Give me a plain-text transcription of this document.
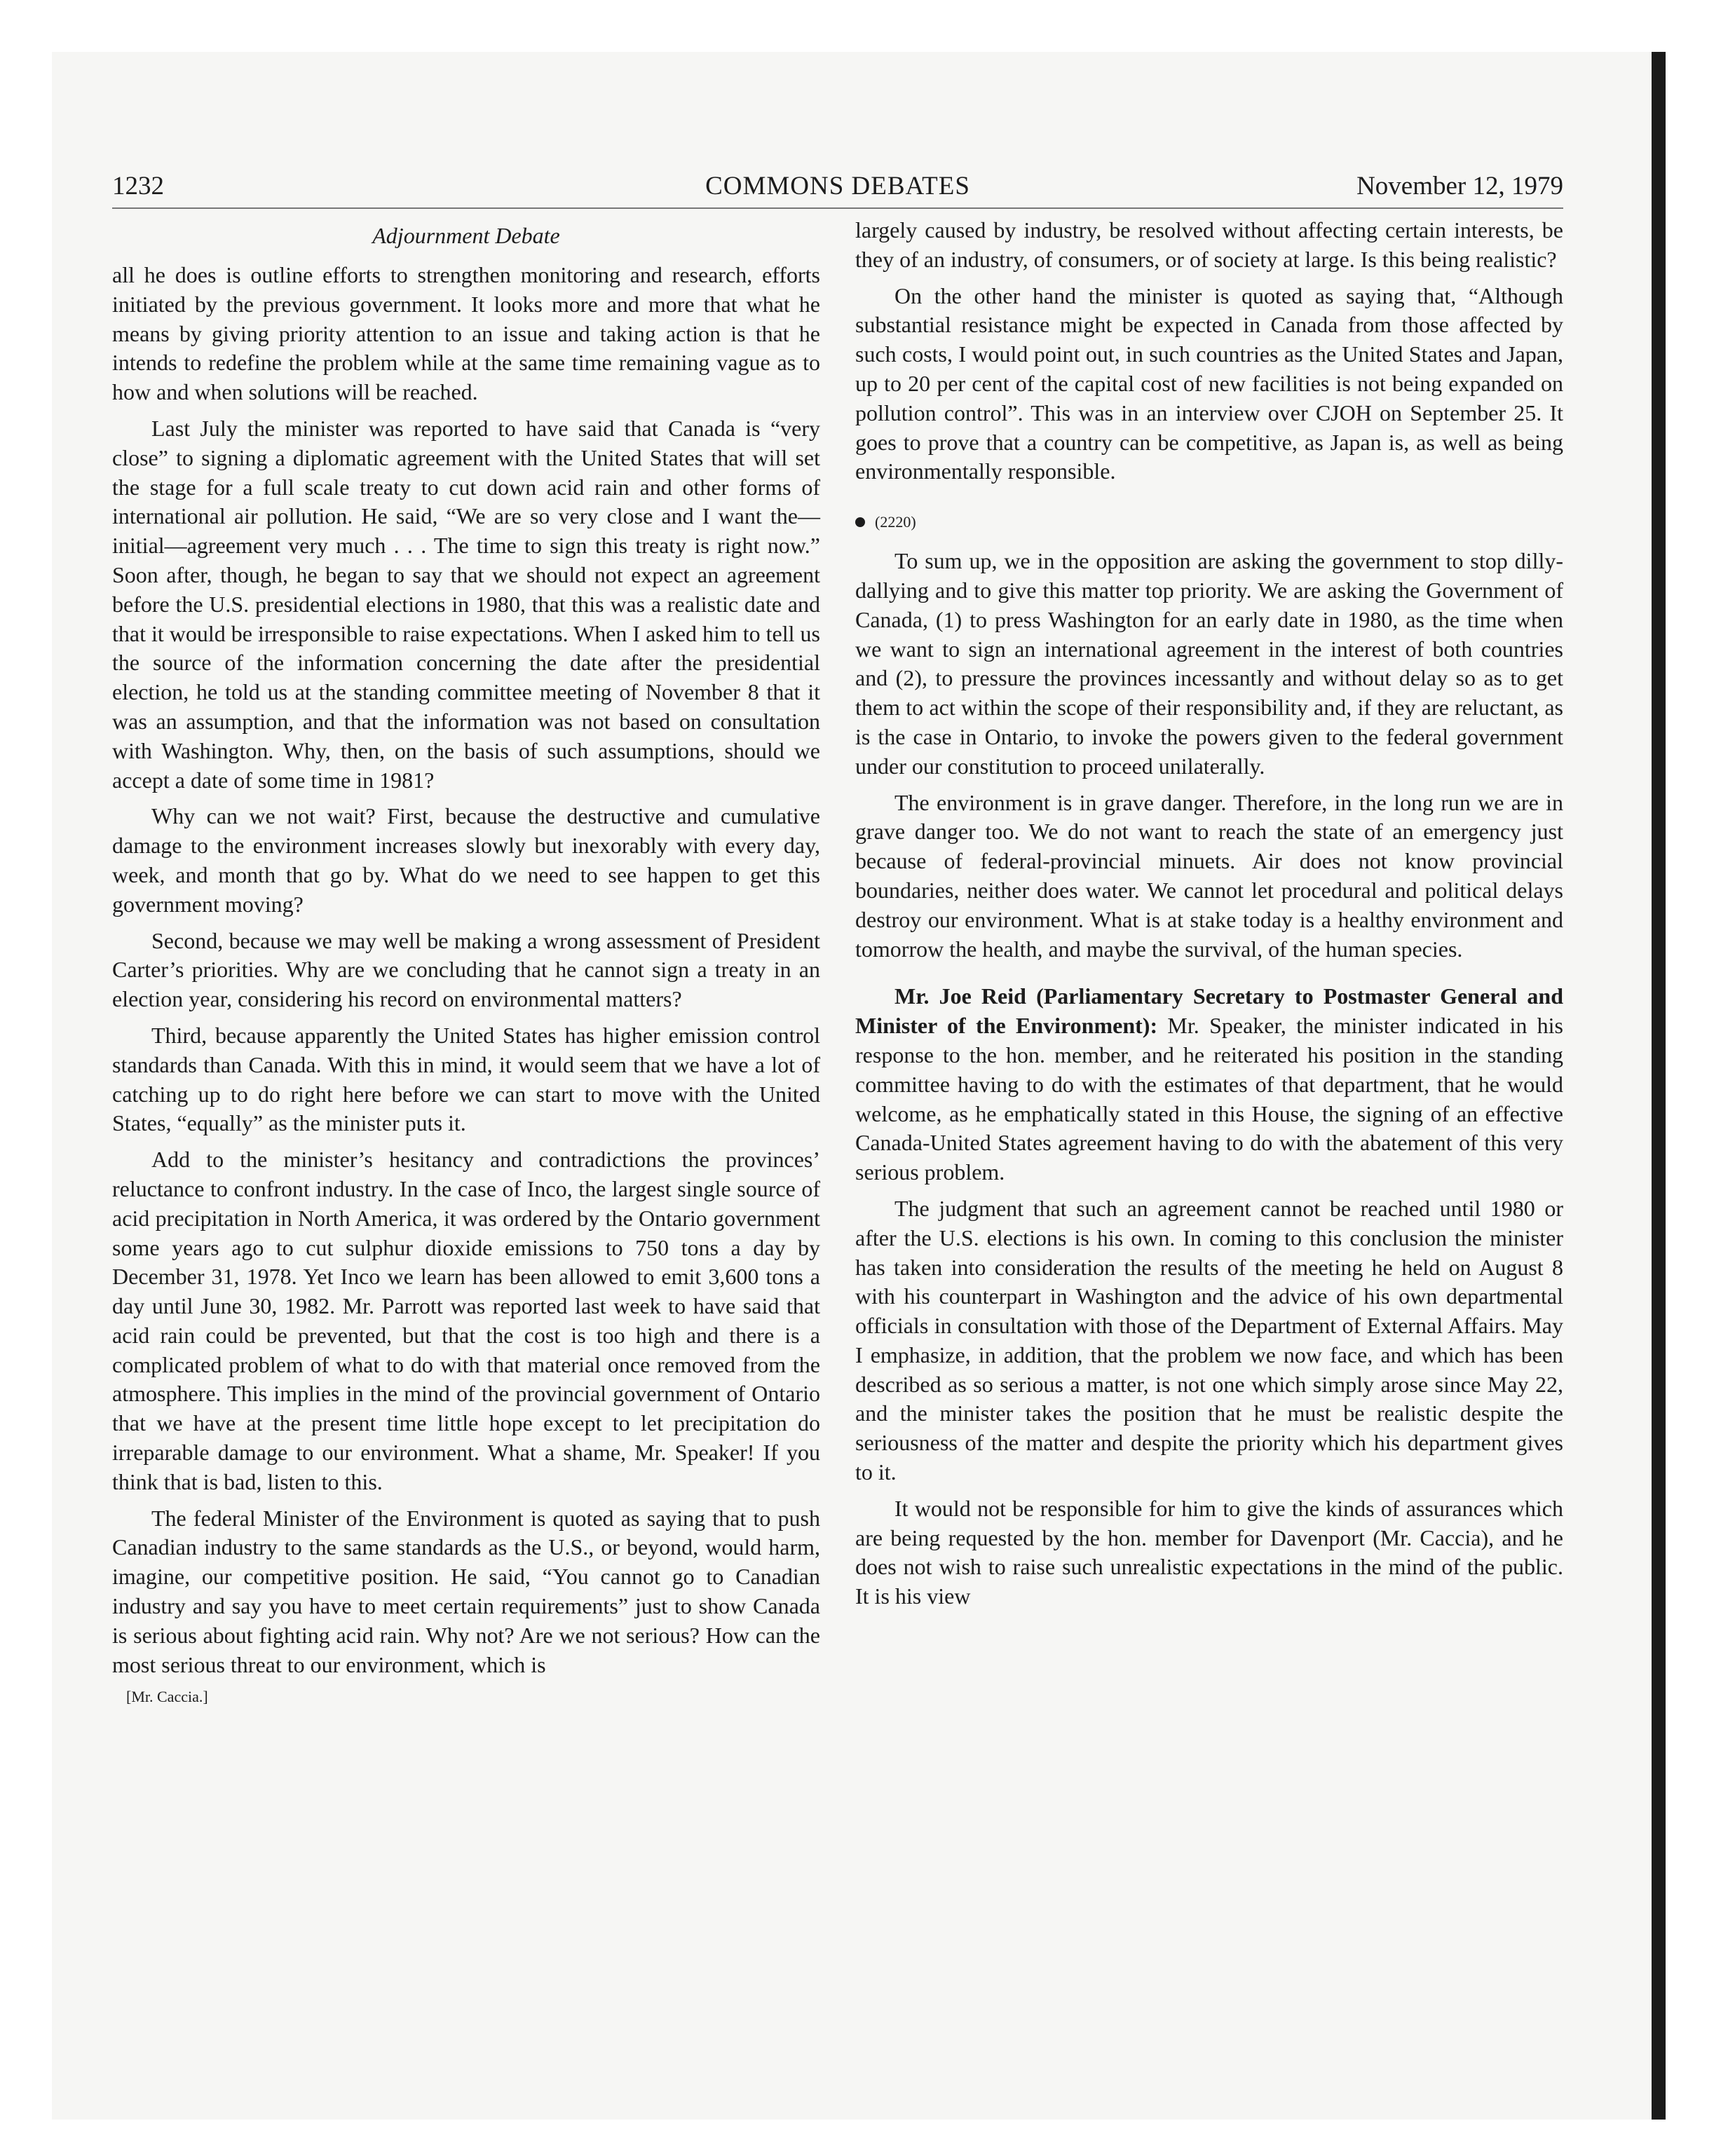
1232	COMMONS DEBATES	November 12, 1979
Adjournment Debate

all he does is outline efforts to strengthen monitoring and research, efforts initiated by the previous government. It looks more and more that what he means by giving priority attention to an issue and taking action is that he intends to redefine the problem while at the same time remaining vague as to how and when solutions will be reached.

Last July the minister was reported to have said that Canada is “very close” to signing a diplomatic agreement with the United States that will set the stage for a full scale treaty to cut down acid rain and other forms of international air pollution. He said, “We are so very close and I want the—initial—agreement very much . . . The time to sign this treaty is right now.” Soon after, though, he began to say that we should not expect an agreement before the U.S. presidential elections in 1980, that this was a realistic date and that it would be irresponsible to raise expectations. When I asked him to tell us the source of the information concerning the date after the presidential election, he told us at the standing committee meeting of November 8 that it was an assumption, and that the information was not based on consultation with Washington. Why, then, on the basis of such assumptions, should we accept a date of some time in 1981?

Why can we not wait? First, because the destructive and cumulative damage to the environment increases slowly but inexorably with every day, week, and month that go by. What do we need to see happen to get this government moving?

Second, because we may well be making a wrong assessment of President Carter’s priorities. Why are we concluding that he cannot sign a treaty in an election year, considering his record on environmental matters?

Third, because apparently the United States has higher emission control standards than Canada. With this in mind, it would seem that we have a lot of catching up to do right here before we can start to move with the United States, “equally” as the minister puts it.

Add to the minister’s hesitancy and contradictions the provinces’ reluctance to confront industry. In the case of Inco, the largest single source of acid precipitation in North America, it was ordered by the Ontario government some years ago to cut sulphur dioxide emissions to 750 tons a day by December 31, 1978. Yet Inco we learn has been allowed to emit 3,600 tons a day until June 30, 1982. Mr. Parrott was reported last week to have said that acid rain could be prevented, but that the cost is too high and there is a complicated problem of what to do with that material once removed from the atmosphere. This implies in the mind of the provincial government of Ontario that we have at the present time little hope except to let precipitation do irreparable damage to our environment. What a shame, Mr. Speaker! If you think that is bad, listen to this.

The federal Minister of the Environment is quoted as saying that to push Canadian industry to the same standards as the U.S., or beyond, would harm, imagine, our competitive position. He said, “You cannot go to Canadian industry and say you have to meet certain requirements” just to show Canada is serious about fighting acid rain. Why not? Are we not serious? How can the most serious threat to our environment, which is

[Mr. Caccia.]

largely caused by industry, be resolved without affecting certain interests, be they of an industry, of consumers, or of society at large. Is this being realistic?

On the other hand the minister is quoted as saying that, “Although substantial resistance might be expected in Canada from those affected by such costs, I would point out, in such countries as the United States and Japan, up to 20 per cent of the capital cost of new facilities is not being expanded on pollution control”. This was in an interview over CJOH on September 25. It goes to prove that a country can be competitive, as Japan is, as well as being environmentally responsible.

(2220)

To sum up, we in the opposition are asking the government to stop dilly-dallying and to give this matter top priority. We are asking the Government of Canada, (1) to press Washington for an early date in 1980, as the time when we want to sign an international agreement in the interest of both countries and (2), to pressure the provinces incessantly and without delay so as to get them to act within the scope of their responsibility and, if they are reluctant, as is the case in Ontario, to invoke the powers given to the federal government under our constitution to proceed unilaterally.

The environment is in grave danger. Therefore, in the long run we are in grave danger too. We do not want to reach the state of an emergency just because of federal-provincial minuets. Air does not know provincial boundaries, neither does water. We cannot let procedural and political delays destroy our environment. What is at stake today is a healthy environment and tomorrow the health, and maybe the survival, of the human species.

Mr. Joe Reid (Parliamentary Secretary to Postmaster General and Minister of the Environment): Mr. Speaker, the minister indicated in his response to the hon. member, and he reiterated his position in the standing committee having to do with the estimates of that department, that he would welcome, as he emphatically stated in this House, the signing of an effective Canada-United States agreement having to do with the abatement of this very serious problem.

The judgment that such an agreement cannot be reached until 1980 or after the U.S. elections is his own. In coming to this conclusion the minister has taken into consideration the results of the meeting he held on August 8 with his counterpart in Washington and the advice of his own departmental officials in consultation with those of the Department of External Affairs. May I emphasize, in addition, that the problem we now face, and which has been described as so serious a matter, is not one which simply arose since May 22, and the minister takes the position that he must be realistic despite the seriousness of the matter and despite the priority which his department gives to it.

It would not be responsible for him to give the kinds of assurances which are being requested by the hon. member for Davenport (Mr. Caccia), and he does not wish to raise such unrealistic expectations in the mind of the public. It is his view
